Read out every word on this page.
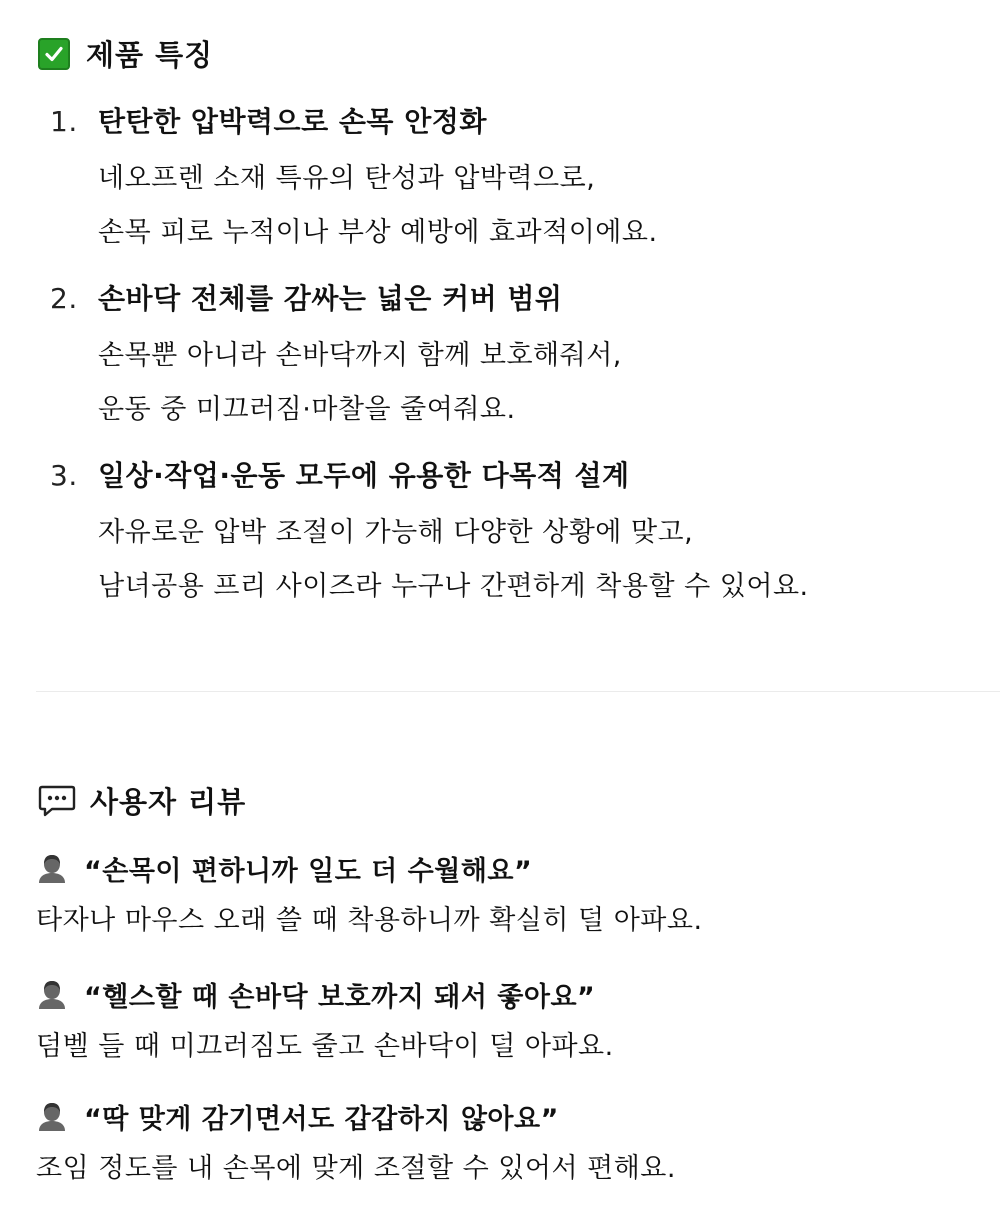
제품 특징
1. 탄탄한 압박력으로 손목 안정화
네오프렌 소재 특유의 탄성과 압박력으로,
손목 피로 누적이나 부상 예방에 효과적이에요.
2. 손바닥 전체를 감싸는 넓은 커버 범위
손목뿐 아니라 손바닥까지 함께 보호해줘서,
운동 중 미끄러짐·마찰을 줄여줘요.
3. 일상·작업·운동 모두에 유용한 다목적 설계
자유로운 압박 조절이 가능해 다양한 상황에 맞고,
남녀공용 프리 사이즈라 누구나 간편하게 착용할 수 있어요.
사용자 리뷰
“손목이 편하니까 일도 더 수월해요”
타자나 마우스 오래 쓸 때 착용하니까 확실히 덜 아파요.
“헬스할 때 손바닥 보호까지 돼서 좋아요”
덤벨 들 때 미끄러짐도 줄고 손바닥이 덜 아파요.
“딱 맞게 감기면서도 갑갑하지 않아요”
조임 정도를 내 손목에 맞게 조절할 수 있어서 편해요.
